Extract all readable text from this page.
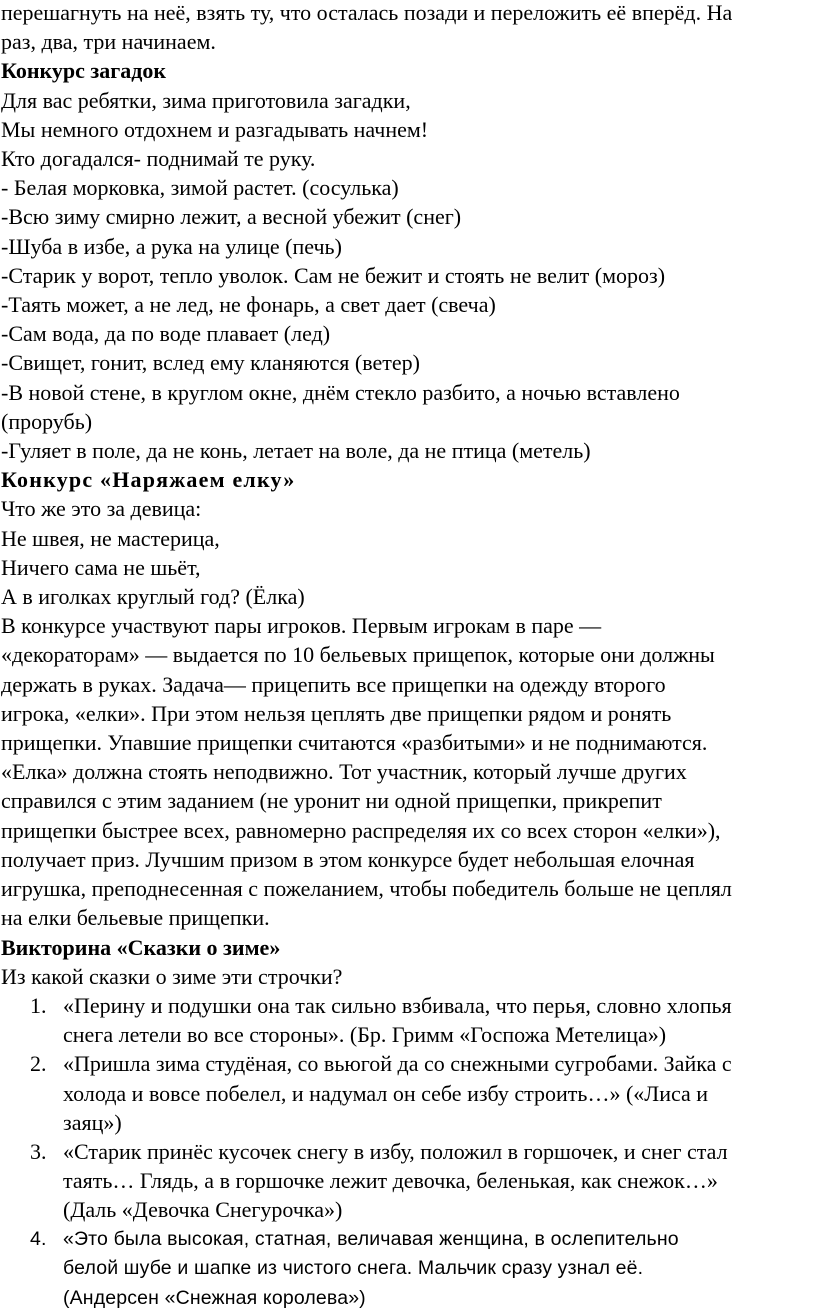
перешагнуть на неё, взять ту, что осталась позади и переложить её вперёд. На

раз, два, три начинаем.

Конкурс загадок

Для вас ребятки, зима приготовила загадки,

Мы немного отдохнем и разгадывать начнем!

Кто догадался- поднимай те руку.

- Белая морковка, зимой растет. (сосулька)

-Всю зиму смирно лежит, а весной убежит (снег)

-Шуба в избе, а рука на улице (печь)

-Старик у ворот, тепло уволок. Сам не бежит и стоять не велит (мороз)

-Таять может, а не лед, не фонарь, а свет дает (свеча)

-Сам вода, да по воде плавает (лед)

-Свищет, гонит, вслед ему кланяются (ветер)

-В новой стене, в круглом окне, днём стекло разбито, а ночью вставлено

(прорубь)

-Гуляет в поле, да не конь, летает на воле, да не птица (метель)

Конкурс «Наряжаем елку»

Что же это за девица:

Не швея, не мастерица,

Ничего сама не шьёт,

А в иголках круглый год? (Ёлка)

В конкурсе участвуют пары игроков. Первым игрокам в паре —

«декораторам» — выдается по 10 бельевых прищепок, которые они должны

держать в руках. Задача— прицепить все прищепки на одежду второго

игрока, «елки». При этом нельзя цеплять две прищепки рядом и ронять

прищепки. Упавшие прищепки считаются «разбитыми» и не поднимаются.

«Елка» должна стоять неподвижно. Тот участник, который лучше других

справился с этим заданием (не уронит ни одной прищепки, прикрепит

прищепки быстрее всех, равномерно распределяя их со всех сторон «елки»),

получает приз. Лучшим призом в этом конкурсе будет небольшая елочная

игрушка, преподнесенная с пожеланием, чтобы победитель больше не цеплял

на елки бельевые прищепки.

Викторина «Сказки о зиме»

Из какой сказки о зиме эти строчки?

1. «Перину и подушки она так сильно взбивала, что перья, словно хлопья
снега летели во все стороны». (Бр. Гримм «Госпожа Метелица»)
2. «Пришла зима студёная, со вьюгой да со снежными сугробами. Зайка с
холода и вовсе побелел, и надумал он себе избу строить…» («Лиса и
заяц»)
3. «Старик принёс кусочек снегу в избу, положил в горшочек, и снег стал
таять… Глядь, а в горшочке лежит девочка, беленькая, как снежок…»
(Даль «Девочка Снегурочка»)
4. «Это была высокая, статная, величавая женщина, в ослепительно
белой шубе и шапке из чистого снега. Мальчик сразу узнал её.
(Андерсен «Снежная королева»)
